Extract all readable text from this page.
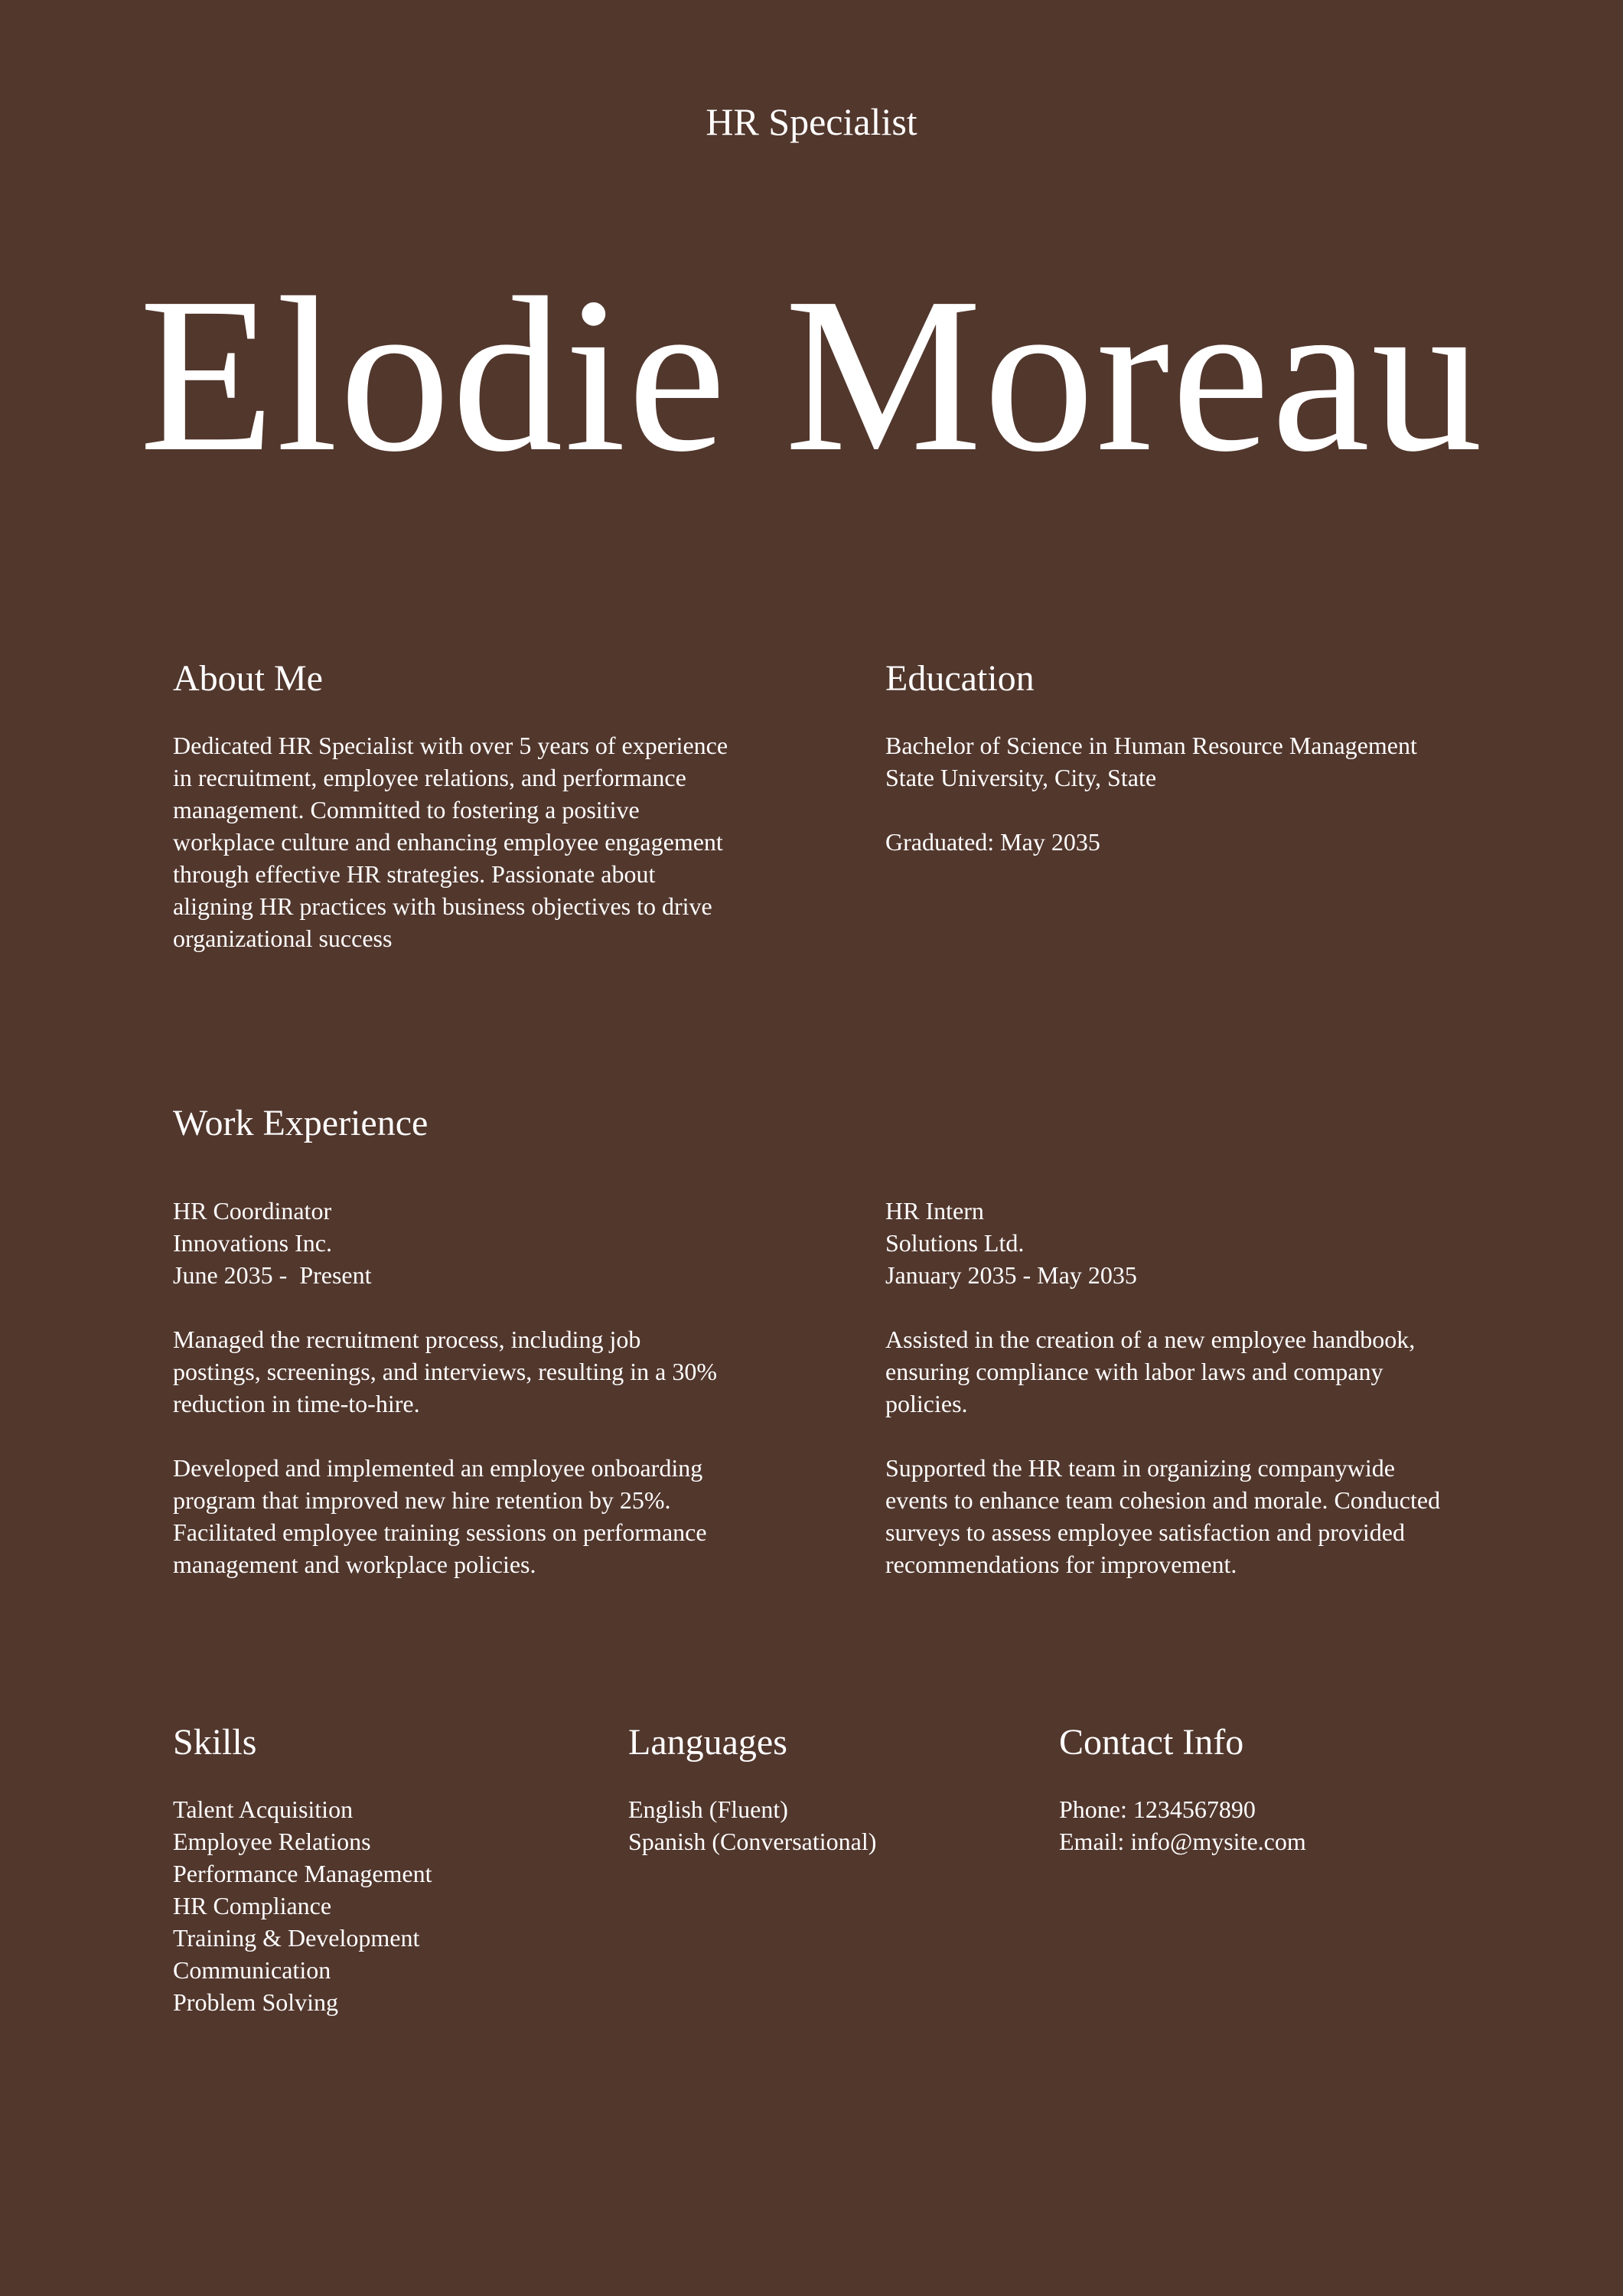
HR Specialist
Elodie Moreau
About Me

Dedicated HR Specialist with over 5 years of experience in recruitment, employee relations, and performance management. Committed to fostering a positive workplace culture and enhancing employee engagement through effective HR strategies. Passionate about aligning HR practices with business objectives to drive organizational success

Education
Bachelor of Science in Human Resource Management
State University, City, State
Graduated: May 2035
Work Experience
HR Coordinator
Innovations Inc.
June 2035 -  Present

Managed the recruitment process, including job postings, screenings, and interviews, resulting in a 30% reduction in time-to-hire.

Developed and implemented an employee onboarding program that improved new hire retention by 25%. Facilitated employee training sessions on performance management and workplace policies.

HR Intern
Solutions Ltd.
January 2035 - May 2035

Assisted in the creation of a new employee handbook, ensuring compliance with labor laws and company policies.

Supported the HR team in organizing companywide events to enhance team cohesion and morale. Conducted surveys to assess employee satisfaction and provided recommendations for improvement.

Skills
Talent Acquisition
Employee Relations
Performance Management
HR Compliance
Training & Development
Communication
Problem Solving
Languages
English (Fluent)
Spanish (Conversational)
Contact Info
Phone: 1234567890
Email: info@mysite.com
